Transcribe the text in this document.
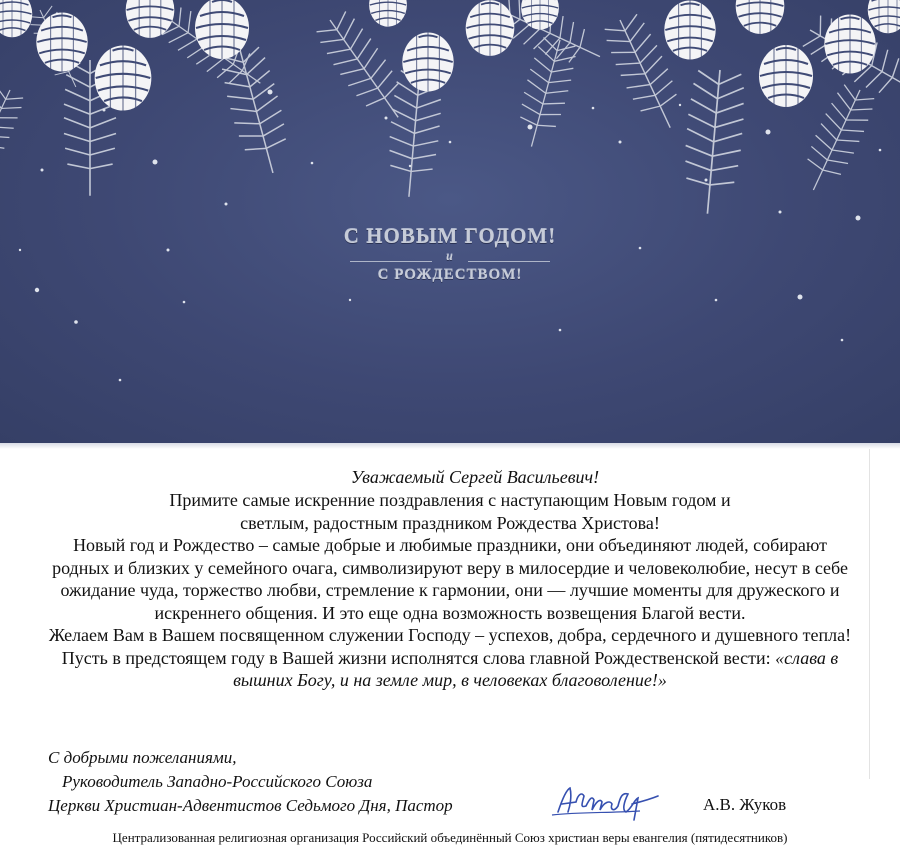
С НОВЫМ ГОДОМ!
и
С РОЖДЕСТВОМ!

Уважаемый Сергей Васильевич!

Примите самые искренние поздравления с наступающим Новым годом и светлым, радостным праздником Рождества Христова!

Новый год и Рождество – самые добрые и любимые праздники, они объединяют людей, собирают родных и близких у семейного очага, символизируют веру в милосердие и человеколюбие, несут в себе ожидание чуда, торжество любви, стремление к гармонии, они — лучшие моменты для дружеского и искреннего общения. И это еще одна возможность возвещения Благой вести.

Желаем Вам в Вашем посвященном служении Господу – успехов, добра, сердечного и душевного тепла! Пусть в предстоящем году в Вашей жизни исполнятся слова главной Рождественской вести: «слава в вышних Богу, и на земле мир, в человеках благоволение!»

С добрыми пожеланиями,
Руководитель Западно-Российского Союза
Церкви Христиан-Адвентистов Седьмого Дня, Пастор	А.В. Жуков
Централизованная религиозная организация Российский объединённый Союз христиан веры евангелия (пятидесятников)
